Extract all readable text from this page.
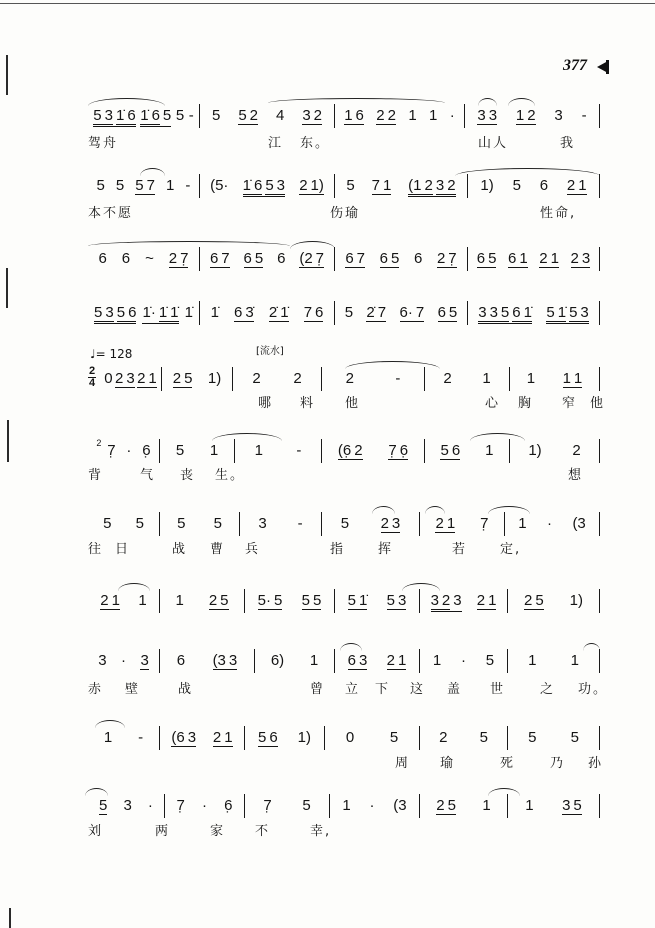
377
♩= 128	[流水]
2
4
5 3 1̇ 6 1̇ 6 5 5 - 5 5 2 4 3 2 1 6 2 2 1 1 · 3 3 1 2 3 -
驾舟	江 东。	山人	我
5 5 5 7 1 - (5· 1̇ 6 5 3 2 1) 5 7 1 (1 2 3 2 1) 5 6 2 1
本不愿	伤瑜	性命,
6 6 ~ 2 7̣ 6 7 6 5 6 (2 7̣ 6 7 6 5 6 2 7̣ 6 5 6 1 2 1 2 3
5 3 5 6 1̇· 1̇ 1̇ 1̇ 1̇ 6 3̇ 2̇ 1̇ 7 6 5 2̇ 7 6· 7 6 5 3 3 5 6 1̇ 5 1̇ 5 3
0 2 3 2 1 2 5 1) 2 2	2	-	2 1 1 1 1
哪 料 他	心 胸 窄 他
2 7̣ · 6̣ 5 1 1 - (6̣ 2 7̣ 6̣ 5 6 1 1) 2
背	气 丧 生。	想
5 5 5 5 3 -	5 2 3 2 1 7̣ 1 · (3
往 日	战 曹 兵	指	挥	若	定,
2 1 1 1 2 5 5· 5 5 5 5 1̇ 5 3 3 2 3 2 1 2 5 1)
3 · 3 6 (3 3 6) 1 6 3 2 1 1 · 5 1 1
赤 壁	战	曾 立 下 这 盖 世	之 功。
1 - (6 3 2 1 5 6 1) 0 5	2 5	5 5
周 瑜	死	乃 孙
5 3 · 7̣ · 6̣ 7̣ 5 1 · (3 2 5 1 1 3 5
刘	两	家 不	幸,
